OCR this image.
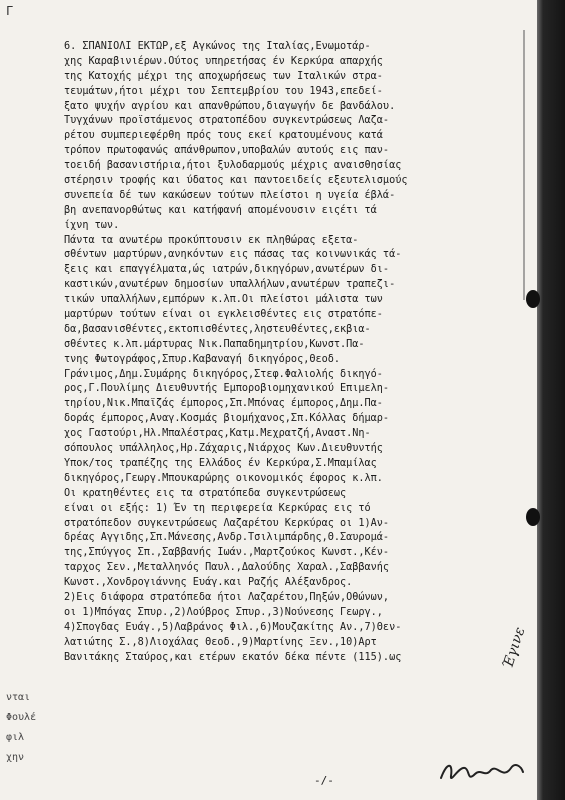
Γ
6. ΣΠΑΝΙΟΛΙ ΕΚΤΩΡ,εξ Αγκώνος της Ιταλίας,Ενωμοτάρ-
χης Καραβινιέρων.Ούτος υπηρετήσας έν Κερκύρα απαρχής
της Κατοχής μέχρι της αποχωρήσεως των Ιταλικών στρα-
τευμάτων,ήτοι μέχρι του Σεπτεμβρίου του 1943,επεδεί-
ξατο ψυχήν αγρίου και απανθρώπου,διαγωγήν δε βανδάλου.
Τυγχάνων προϊστάμενος στρατοπέδου συγκεντρώσεως Λαζα-
ρέτου συμπεριεφέρθη πρός τους εκεί κρατουμένους κατά
τρόπον πρωτοφανώς απάνθρωπον,υποβαλών αυτούς εις παν-
τοειδή βασανιστήρια,ήτοι ξυλοδαρμούς μέχρις αναισθησίας
στέρησιν τροφής και ύδατος και παντοειδείς εξευτελισμούς
συνεπεία δέ των κακώσεων τούτων πλείστοι η υγεία έβλά-
βη ανεπανορθώτως και κατήφανή απομένουσιν ειςέτι τά
ίχνη των.
Πάντα τα ανωτέρω προκύπτουσιν εκ πληθώρας εξετα-
σθέντων μαρτύρων,ανηκόντων εις πάσας τας κοινωνικάς τά-
ξεις και επαγγέλματα,ώς ιατρών,δικηγόρων,ανωτέρων δι-
καστικών,ανωτέρων δημοσίων υπαλλήλων,ανωτέρων τραπεζι-
τικών υπαλλήλων,εμπόρων κ.λπ.Οι πλείστοι μάλιστα των
μαρτύρων τούτων είναι οι εγκλεισθέντες εις στρατόπε-
δα,βασανισθέντες,εκτοπισθέντες,ληστευθέντες,εκβια-
σθέντες κ.λπ.μάρτυρας Νικ.Παπαδημητρίου,Κωνστ.Πα-
τνης Φωτογράφος,Σπυρ.Καβαναγή δικηγόρος,Θεοδ.
Γράνιμος,Δημ.Συμάρης δικηγόρος,Στεφ.Φαλιολής δικηγό-
ρος,Γ.Πουλίμης Διευθυντής Εμποροβιομηχανικού Επιμελη-
τηρίου,Νικ.Μπαϊζάς έμπορος,Σπ.Μπόνας έμπορος,Δημ.Πα-
δοράς έμπορος,Αναγ.Κοσμάς βιομήχανος,Σπ.Κόλλας δήμαρ-
χος Γαστούρι,Ηλ.Μπαλέστρας,Κατμ.Μεχρατζή,Αναστ.Νη-
σόπουλος υπάλληλος,Ηρ.Ζάχαρις,Νιάρχος Κων.Διευθυντής
Υποκ/τος τραπέζης της Ελλάδος έν Κερκύρα,Σ.Μπαμίλας
δικηγόρος,Γεωργ.Μπουκαρώρης οικονομικός έφορος κ.λπ.
Οι κρατηθέντες εις τα στρατόπεδα συγκεντρώσεως
είναι οι εξής: 1) Έν τη περιφερεία Κερκύρας εις τό
στρατόπεδον συγκεντρώσεως Λαζαρέτου Κερκύρας οι 1)Αν-
δρέας Αγγιδης,Σπ.Μάνεσης,Ανδρ.Τσιλιμπάρδης,Θ.Σαυρομά-
της,Σπύγγος Σπ.,Σαββανής Ιωάν.,Μαρτζούκος Κωνστ.,Κέν-
ταρχος Σεν.,Μεταλληνός Παυλ.,Δαλούδης Χαραλ.,Σαββανής
Κωνστ.,Χονδρογιάννης Ευάγ.και Ραζής Αλέξανδρος.
2)Εις διάφορα στρατόπεδα ήτοι Λαζαρέτου,Πηξών,Οθώνων,
οι 1)Μπόγας Σπυρ.,2)Λούβρος Σπυρ.,3)Νούνεσης Γεωργ.,
4)Σπογδας Ευάγ.,5)Λαβράνος Φιλ.,6)Μουζακίτης Αν.,7)Θεν-
λατιώτης Σ.,8)Λιοχάλας Θεοδ.,9)Μαρτίνης Ξεν.,10)Αρτ
Βανιτάκης Σταύρος,και ετέρων εκατόν δέκα πέντε (115).ως
νται
Φουλέ
φιλ
χην
Έγινε
-/-
